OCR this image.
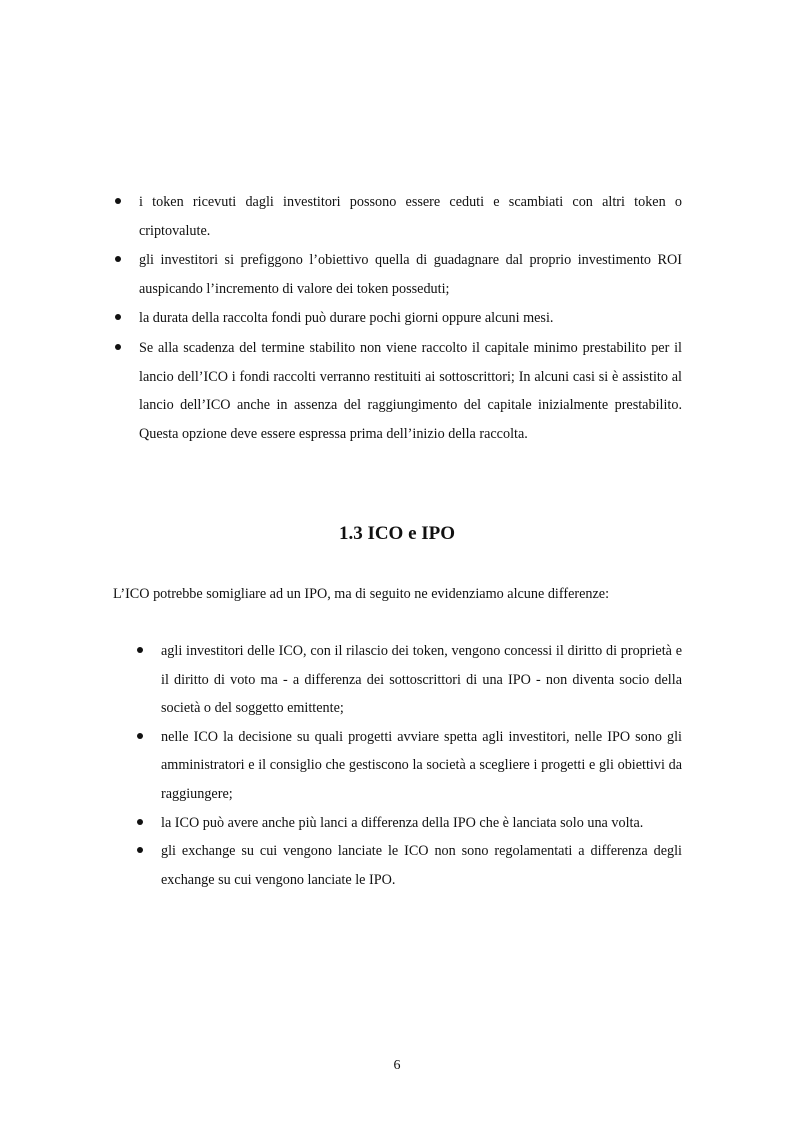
i token ricevuti dagli investitori possono essere ceduti e scambiati con altri token o criptovalute.
gli investitori si prefiggono l’obiettivo quella di guadagnare dal proprio investimento ROI auspicando l’incremento di valore dei token posseduti;
la durata della raccolta fondi può durare pochi giorni oppure alcuni mesi.
Se alla scadenza del termine stabilito non viene raccolto il capitale minimo prestabilito per il lancio dell’ICO i fondi raccolti verranno restituiti ai sottoscrittori; In alcuni casi si è assistito al lancio dell’ICO anche in assenza del raggiungimento del capitale inizialmente prestabilito. Questa opzione deve essere espressa prima dell’inizio della raccolta.
1.3 ICO e IPO

L’ICO potrebbe somigliare ad un IPO, ma di seguito ne evidenziamo alcune differenze:

agli investitori delle ICO, con il rilascio dei token, vengono concessi il diritto di proprietà e il diritto di voto ma - a differenza dei sottoscrittori di una IPO - non diventa socio della società o del soggetto emittente;
nelle ICO la decisione su quali progetti avviare spetta agli investitori, nelle IPO sono gli amministratori e il consiglio che gestiscono la società a scegliere i progetti e gli obiettivi da raggiungere;
la ICO può avere anche più lanci a differenza della IPO che è lanciata solo una volta.
gli exchange su cui vengono lanciate le ICO non sono regolamentati a differenza degli exchange su cui vengono lanciate le IPO.
6
